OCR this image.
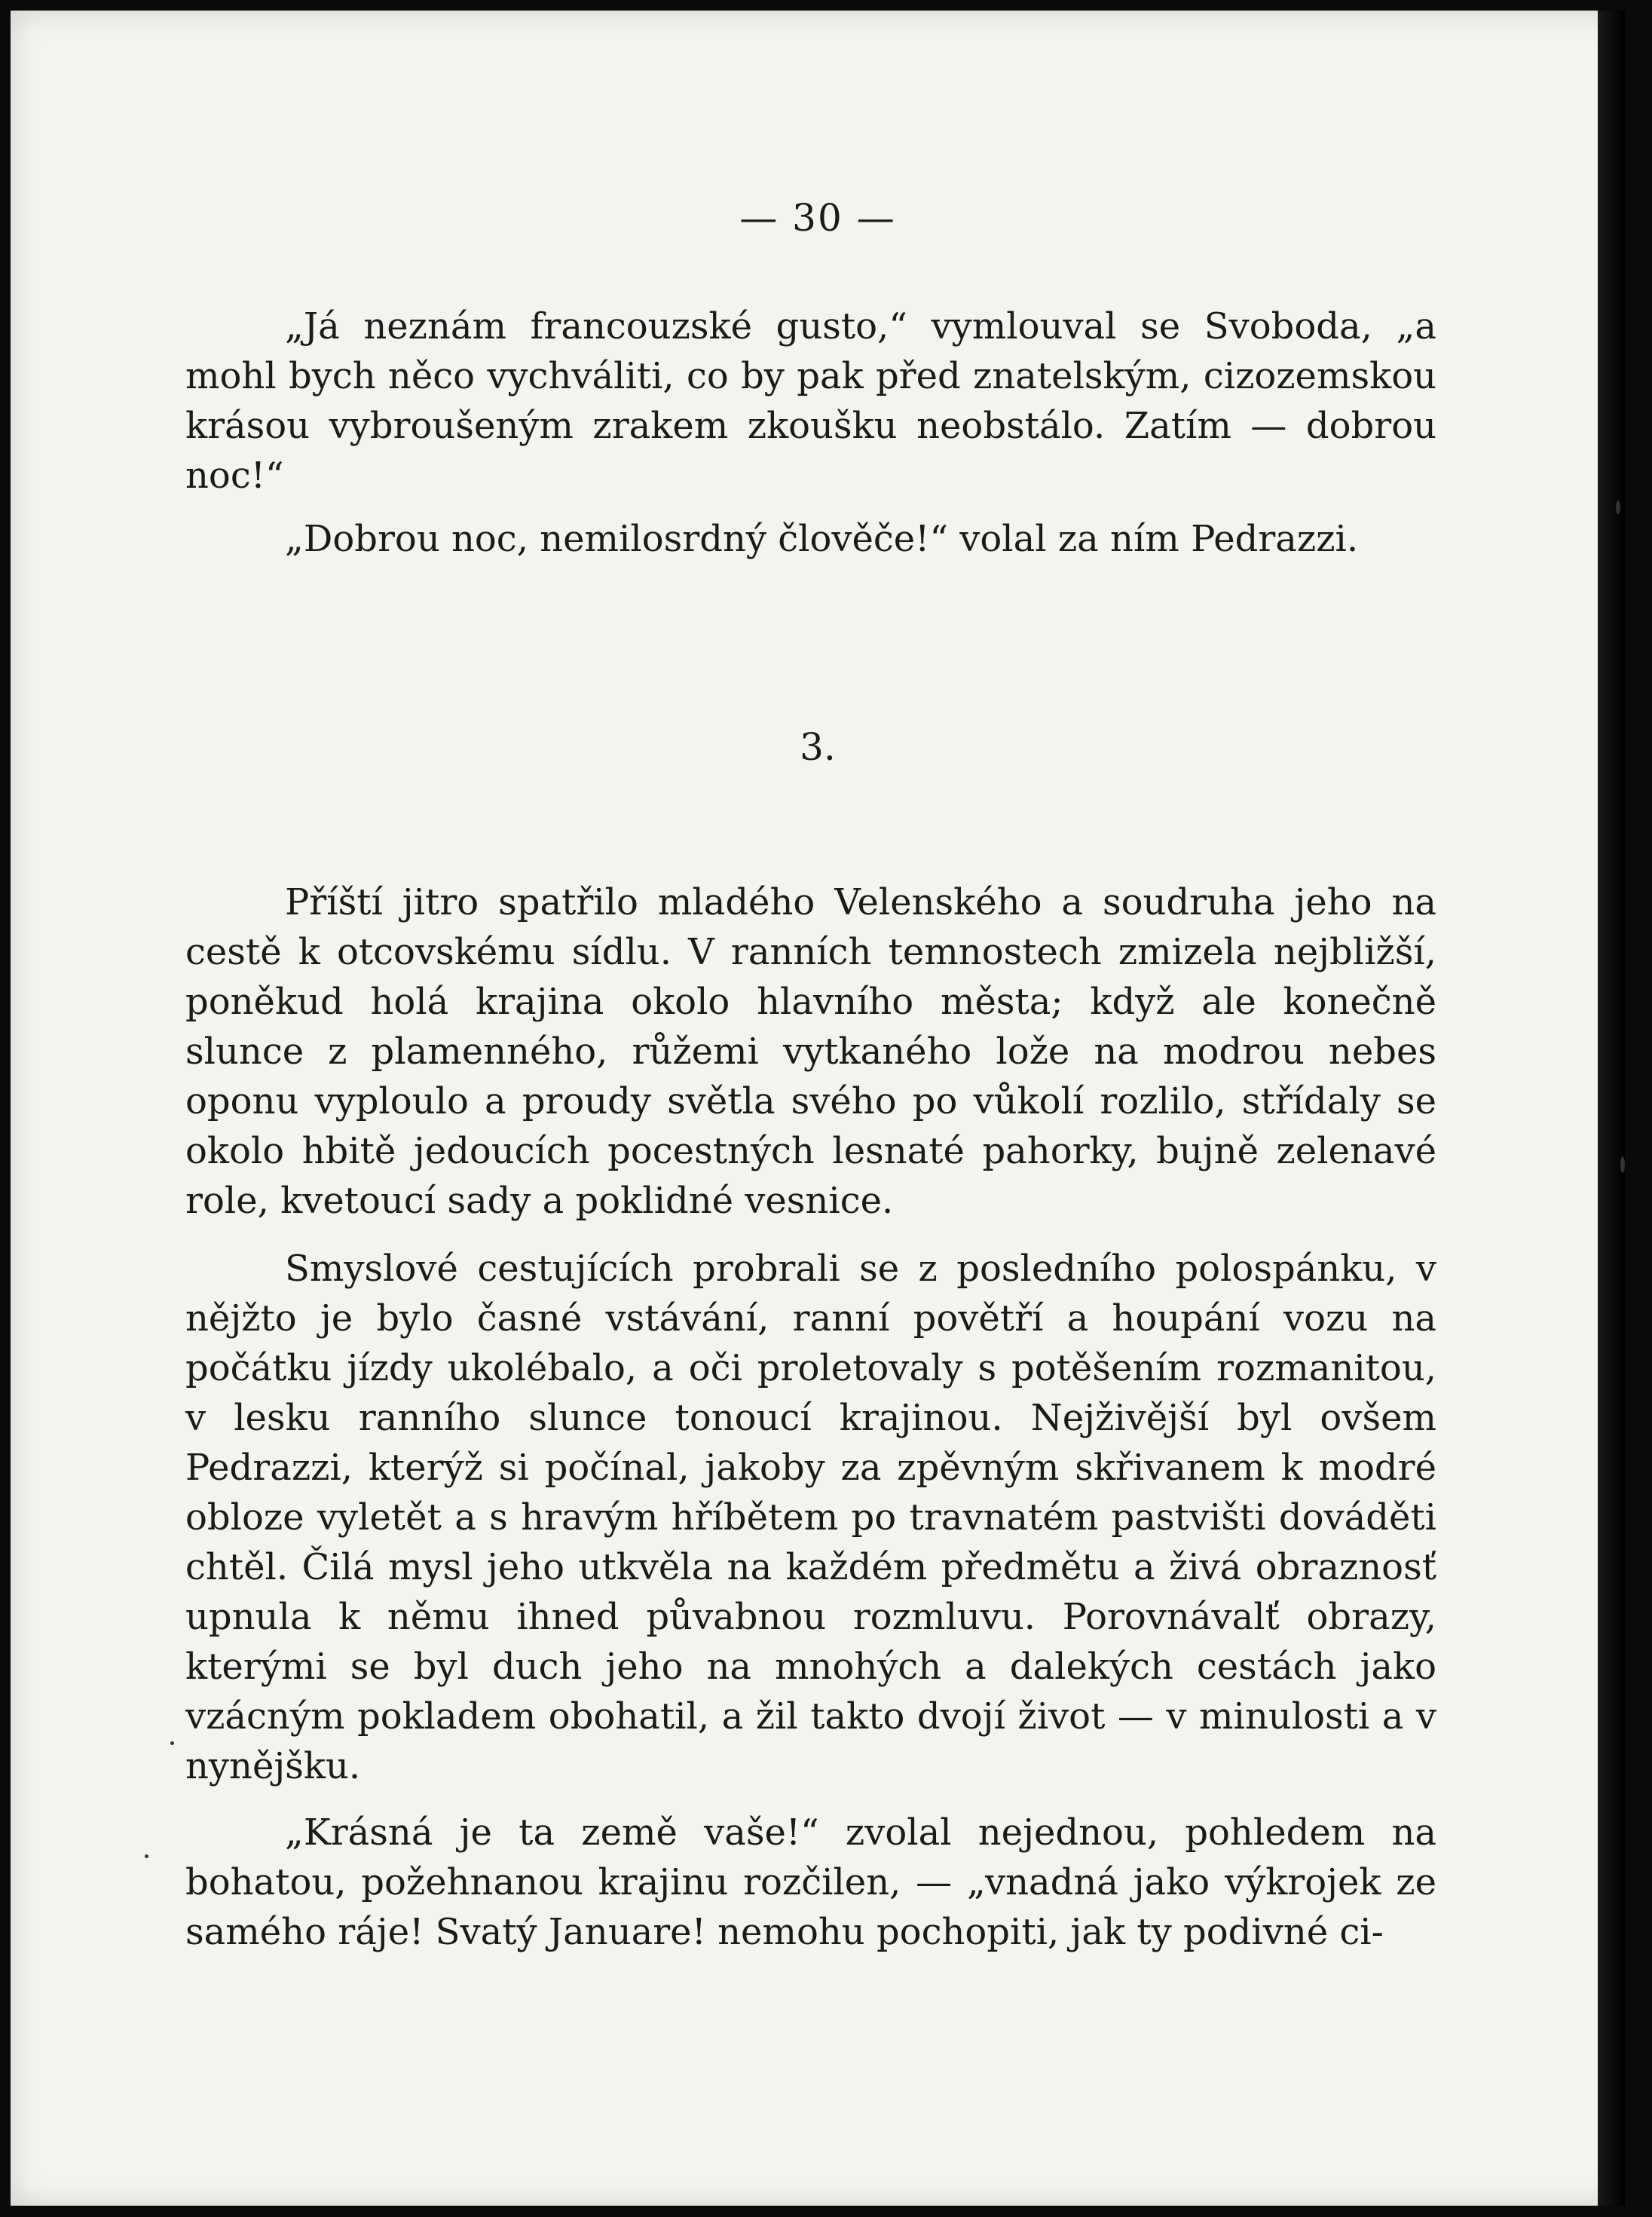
— 30 —

„Já neznám francouzské gusto,“ vymlouval se Svoboda, „a mohl bych něco vychváliti, co by pak před znatelským, cizozemskou krásou vybroušeným zrakem zkoušku neobstálo. Zatím — dobrou noc!“

„Dobrou noc, nemilosrdný člověče!“ volal za ním Pedrazzi.

3.

Příští jitro spatřilo mladého Velenského a soudruha jeho na cestě k otcovskému sídlu. V ranních temnostech zmizela nejbližší, poněkud holá krajina okolo hlavního města; když ale konečně slunce z plamenného, růžemi vytkaného lože na modrou nebes oponu vyploulo a proudy světla svého po vůkolí rozlilo, střídaly se okolo hbitě jedoucích pocestných lesnaté pahorky, bujně zelenavé role, kvetoucí sady a poklidné vesnice.

Smyslové cestujících probrali se z posledního polospánku, v nějžto je bylo časné vstávání, ranní povětří a houpání vozu na počátku jízdy ukolébalo, a oči proletovaly s potěšením rozmanitou, v lesku ranního slunce tonoucí krajinou. Nejživější byl ovšem Pedrazzi, kterýž si počínal, jakoby za zpěvným skřivanem k modré obloze vyletět a s hravým hříbětem po travnatém pastvišti dováděti chtěl. Čilá mysl jeho utkvěla na každém předmětu a živá obraznosť upnula k němu ihned půvabnou rozmluvu. Porovnávalť obrazy, kterými se byl duch jeho na mnohých a dalekých cestách jako vzácným pokladem obohatil, a žil takto dvojí život — v minulosti a v nynějšku.

„Krásná je ta země vaše!“ zvolal nejednou, pohledem na bohatou, požehnanou krajinu rozčilen, — „vnadná jako výkrojek ze samého ráje! Svatý Januare! nemohu pochopiti, jak ty podivné ci-
